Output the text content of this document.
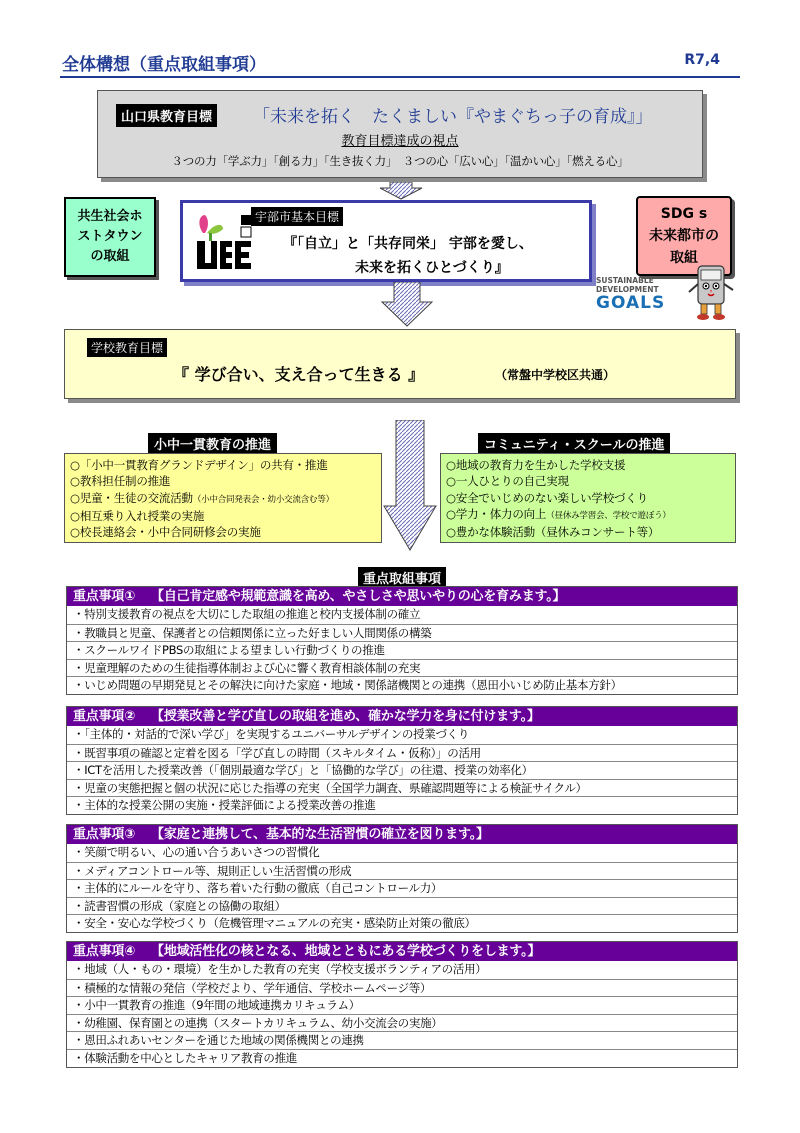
全体構想（重点取組事項）	R7,4
山口県教育目標 「未来を拓く　たくましい『やまぐちっ子の育成』」
教育目標達成の視点
３つの力「学ぶ力」「創る力」「生き抜く力」　３つの心「広い心」「温かい心」「燃える心」
共生社会ホ
ストタウン
の取組
宇部市基本目標
『「自立」と「共存同栄」 宇部を愛し、
未来を拓くひとづくり』
SDG s
未来都市の
取組
SUSTAINABLE
DEVELOPMENT
GOALS
学校教育目標
『 学び合い、支え合って生きる 』	（常盤中学校区共通）
小中一貫教育の推進
○「小中一貫教育グランドデザイン」の共有・推進
○教科担任制の推進
○児童・生徒の交流活動（小中合同発表会・幼小交流含む等）
○相互乗り入れ授業の実施
○校長連絡会・小中合同研修会の実施
コミュニティ・スクールの推進
○地域の教育力を生かした学校支援
○一人ひとりの自己実現
○安全でいじめのない楽しい学校づくり
○学力・体力の向上（昼休み学習会、学校で遊ぼう）
○豊かな体験活動（昼休みコンサート等）
重点取組事項
重点事項① 【自己肯定感や規範意識を高め、やさしさや思いやりの心を育みます。】
・特別支援教育の視点を大切にした取組の推進と校内支援体制の確立
・教職員と児童、保護者との信頼関係に立った好ましい人間関係の構築
・スクールワイドPBSの取組による望ましい行動づくりの推進
・児童理解のための生徒指導体制および心に響く教育相談体制の充実
・いじめ問題の早期発見とその解決に向けた家庭・地域・関係諸機関との連携（恩田小いじめ防止基本方針）
重点事項② 【授業改善と学び直しの取組を進め、確かな学力を身に付けます。】
・「主体的・対話的で深い学び」を実現するユニバーサルデザインの授業づくり
・既習事項の確認と定着を図る「学び直しの時間（スキルタイム・仮称）」の活用
・ICTを活用した授業改善（「個別最適な学び」と「協働的な学び」の往還、授業の効率化）
・児童の実態把握と個の状況に応じた指導の充実（全国学力調査、県確認問題等による検証サイクル）
・主体的な授業公開の実施・授業評価による授業改善の推進
重点事項③ 【家庭と連携して、基本的な生活習慣の確立を図ります。】
・笑顔で明るい、心の通い合うあいさつの習慣化
・メディアコントロール等、規則正しい生活習慣の形成
・主体的にルールを守り、落ち着いた行動の徹底（自己コントロール力）
・読書習慣の形成（家庭との協働の取組）
・安全・安心な学校づくり（危機管理マニュアルの充実・感染防止対策の徹底）
重点事項④ 【地域活性化の核となる、地域とともにある学校づくりをします。】
・地域（人・もの・環境）を生かした教育の充実（学校支援ボランティアの活用）
・積極的な情報の発信（学校だより、学年通信、学校ホームページ等）
・小中一貫教育の推進（9年間の地域連携カリキュラム）
・幼稚園、保育園との連携（スタートカリキュラム、幼小交流会の実施）
・恩田ふれあいセンターを通じた地域の関係機関との連携
・体験活動を中心としたキャリア教育の推進
